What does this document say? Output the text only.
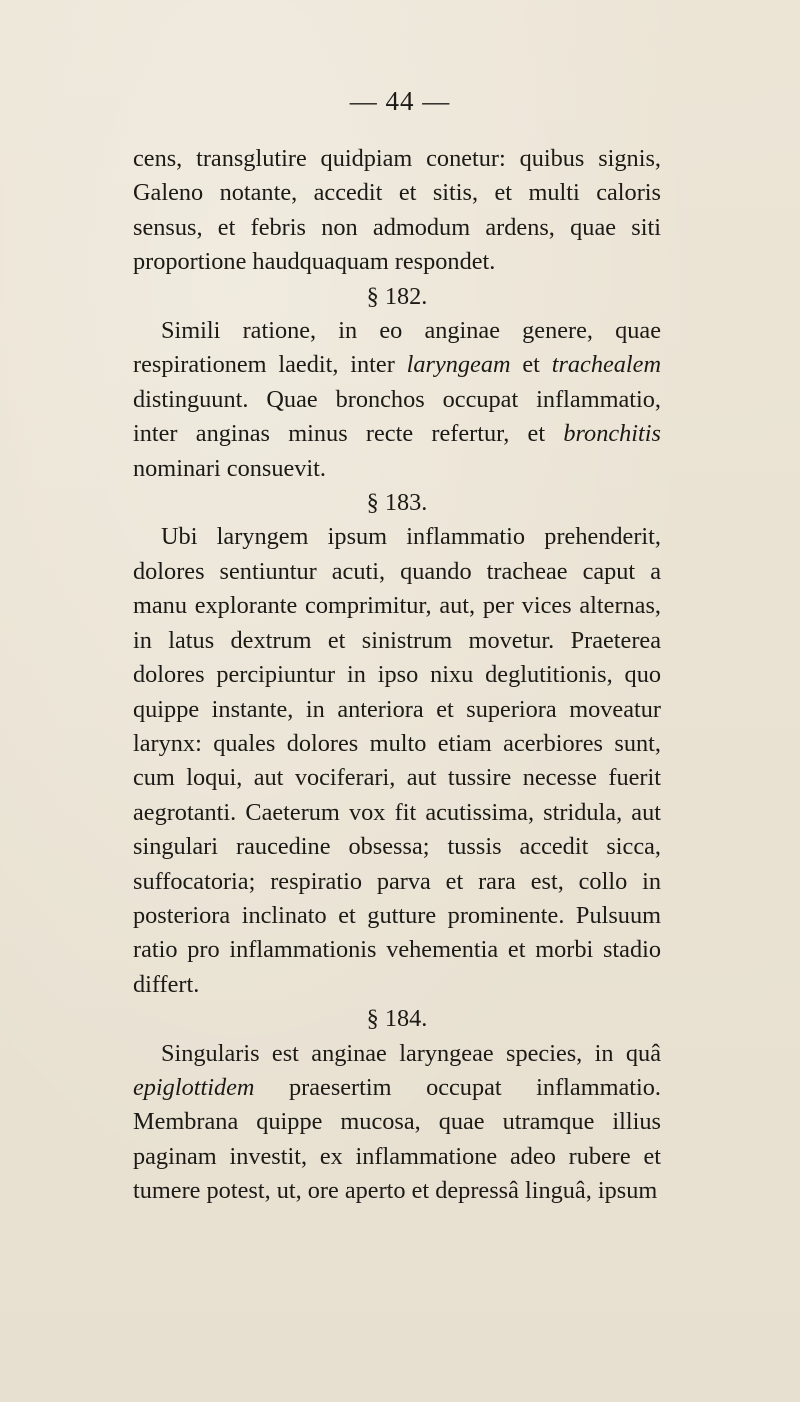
— 44 —

cens, transglutire quidpiam conetur: quibus signis, Galeno notante, accedit et sitis, et multi caloris sensus, et febris non admodum ardens, quae siti proportione haudquaquam respondet.

§ 182.

Simili ratione, in eo anginae genere, quae respirationem laedit, inter laryngeam et trachealem distinguunt. Quae bronchos occupat inflammatio, inter anginas minus recte refertur, et bronchitis nominari consuevit.

§ 183.

Ubi laryngem ipsum inflammatio prehenderit, dolores sentiuntur acuti, quando tracheae caput a manu explorante comprimitur, aut, per vices alternas, in latus dextrum et sinistrum movetur. Praeterea dolores percipiuntur in ipso nixu deglutitionis, quo quippe instante, in anteriora et superiora moveatur larynx: quales dolores multo etiam acerbiores sunt, cum loqui, aut vociferari, aut tussire necesse fuerit aegrotanti. Caeterum vox fit acutissima, stridula, aut singulari raucedine obsessa; tussis accedit sicca, suffocatoria; respiratio parva et rara est, collo in posteriora inclinato et gutture prominente. Pulsuum ratio pro inflammationis vehementia et morbi stadio differt.

§ 184.

Singularis est anginae laryngeae species, in quâ epiglottidem praesertim occupat inflammatio. Membrana quippe mucosa, quae utramque illius paginam investit, ex inflammatione adeo rubere et tumere potest, ut, ore aperto et depressâ linguâ, ipsum
